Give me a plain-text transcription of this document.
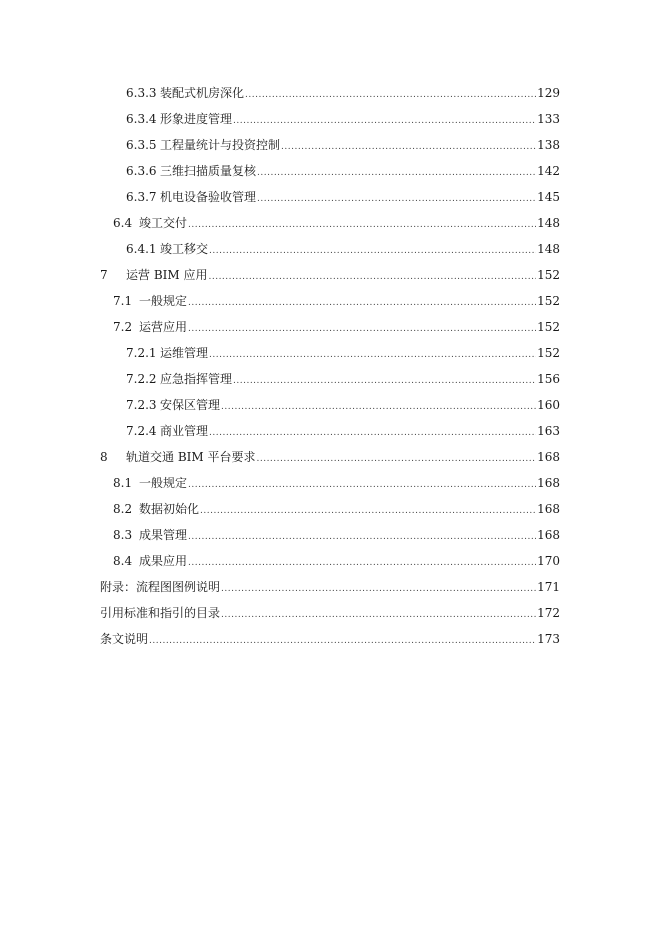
6.3.3 装配式机房深化 .....	129
6.3.4 形象进度管理 .....	133
6.3.5 工程量统计与投资控制 .....	138
6.3.6 三维扫描质量复核 .....	142
6.3.7 机电设备验收管理 .....	145
6.4 竣工交付 .....	148
6.4.1 竣工移交 .....	148
7	运营 BIM 应用 .....	152
7.1 一般规定 .....	152
7.2 运营应用 .....	152
7.2.1 运维管理 .....	152
7.2.2 应急指挥管理 .....	156
7.2.3 安保区管理 .....	160
7.2.4 商业管理 .....	163
8	轨道交通 BIM 平台要求 .....	168
8.1 一般规定 .....	168
8.2 数据初始化 .....	168
8.3 成果管理 .....	168
8.4 成果应用 .....	170
附录：流程图图例说明 .....	171
引用标准和指引的目录 .....	172
条文说明 .....	173
